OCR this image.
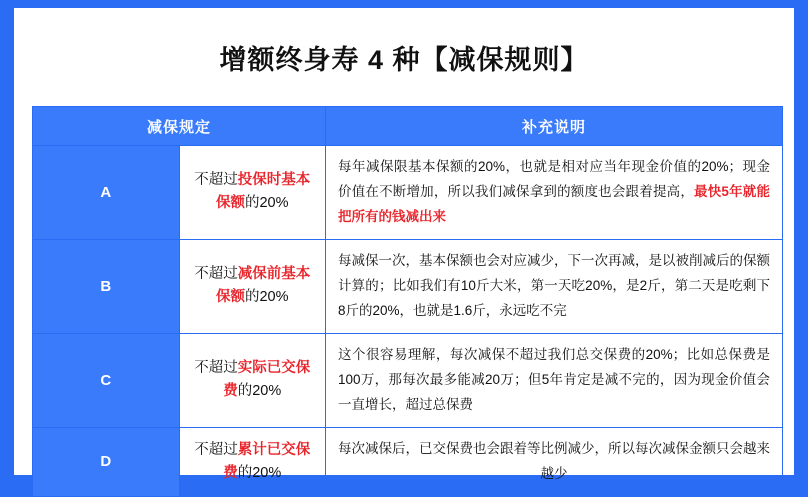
增额终身寿 4 种【减保规则】
减保规定		补充说明
A	不超过投保时基本保额的20%	每年减保限基本保额的20%，也就是相对应当年现金价值的20%；现金价值在不断增加，所以我们减保拿到的额度也会跟着提高，最快5年就能把所有的钱减出来
B	不超过减保前基本保额的20%	每减保一次，基本保额也会对应减少，下一次再减，是以被削减后的保额计算的；比如我们有10斤大米，第一天吃20%，是2斤，第二天是吃剩下8斤的20%，也就是1.6斤，永远吃不完
C	不超过实际已交保费的20%	这个很容易理解，每次减保不超过我们总交保费的20%；比如总保费是100万，那每次最多能减20万；但5年肯定是减不完的，因为现金价值会一直增长，超过总保费
D	不超过累计已交保费的20%	每次减保后，已交保费也会跟着等比例减少，所以每次减保金额只会越来越少
